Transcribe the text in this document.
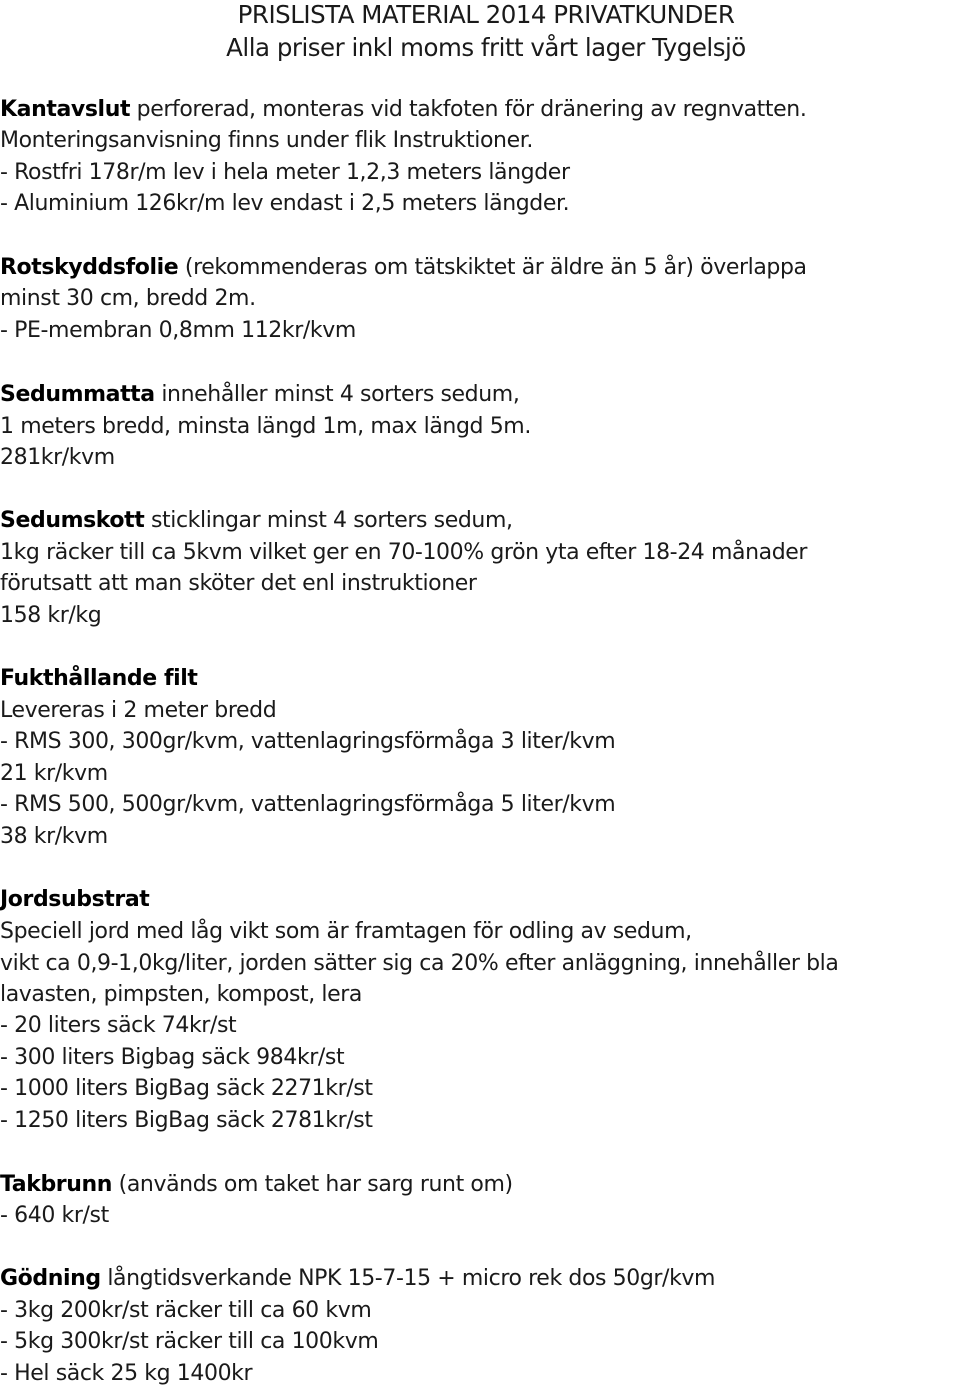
PRISLISTA MATERIAL 2014 PRIVATKUNDER
Alla priser inkl moms fritt vårt lager Tygelsjö
Kantavslut perforerad, monteras vid takfoten för dränering av regnvatten.
Monteringsanvisning finns under flik Instruktioner.
- Rostfri 178r/m lev i hela meter 1,2,3 meters längder
- Aluminium 126kr/m lev endast i 2,5 meters längder.
Rotskyddsfolie (rekommenderas om tätskiktet är äldre än 5 år) överlappa
minst 30 cm, bredd 2m.
- PE-membran 0,8mm 112kr/kvm
Sedummatta innehåller minst 4 sorters sedum,
1 meters bredd, minsta längd 1m, max längd 5m.
281kr/kvm
Sedumskott sticklingar minst 4 sorters sedum,
1kg räcker till ca 5kvm vilket ger en 70-100% grön yta efter 18-24 månader
förutsatt att man sköter det enl instruktioner
158 kr/kg
Fukthållande filt
Levereras i 2 meter bredd
- RMS 300, 300gr/kvm, vattenlagringsförmåga 3 liter/kvm
21 kr/kvm
- RMS 500, 500gr/kvm, vattenlagringsförmåga 5 liter/kvm
38 kr/kvm
Jordsubstrat
Speciell jord med låg vikt som är framtagen för odling av sedum,
vikt ca 0,9-1,0kg/liter, jorden sätter sig ca 20% efter anläggning, innehåller bla
lavasten, pimpsten, kompost, lera
- 20 liters säck 74kr/st
- 300 liters Bigbag säck 984kr/st
- 1000 liters BigBag säck 2271kr/st
- 1250 liters BigBag säck 2781kr/st
Takbrunn (används om taket har sarg runt om)
- 640 kr/st
Gödning långtidsverkande NPK 15-7-15 + micro rek dos 50gr/kvm
- 3kg 200kr/st räcker till ca 60 kvm
- 5kg 300kr/st räcker till ca 100kvm
- Hel säck 25 kg 1400kr
